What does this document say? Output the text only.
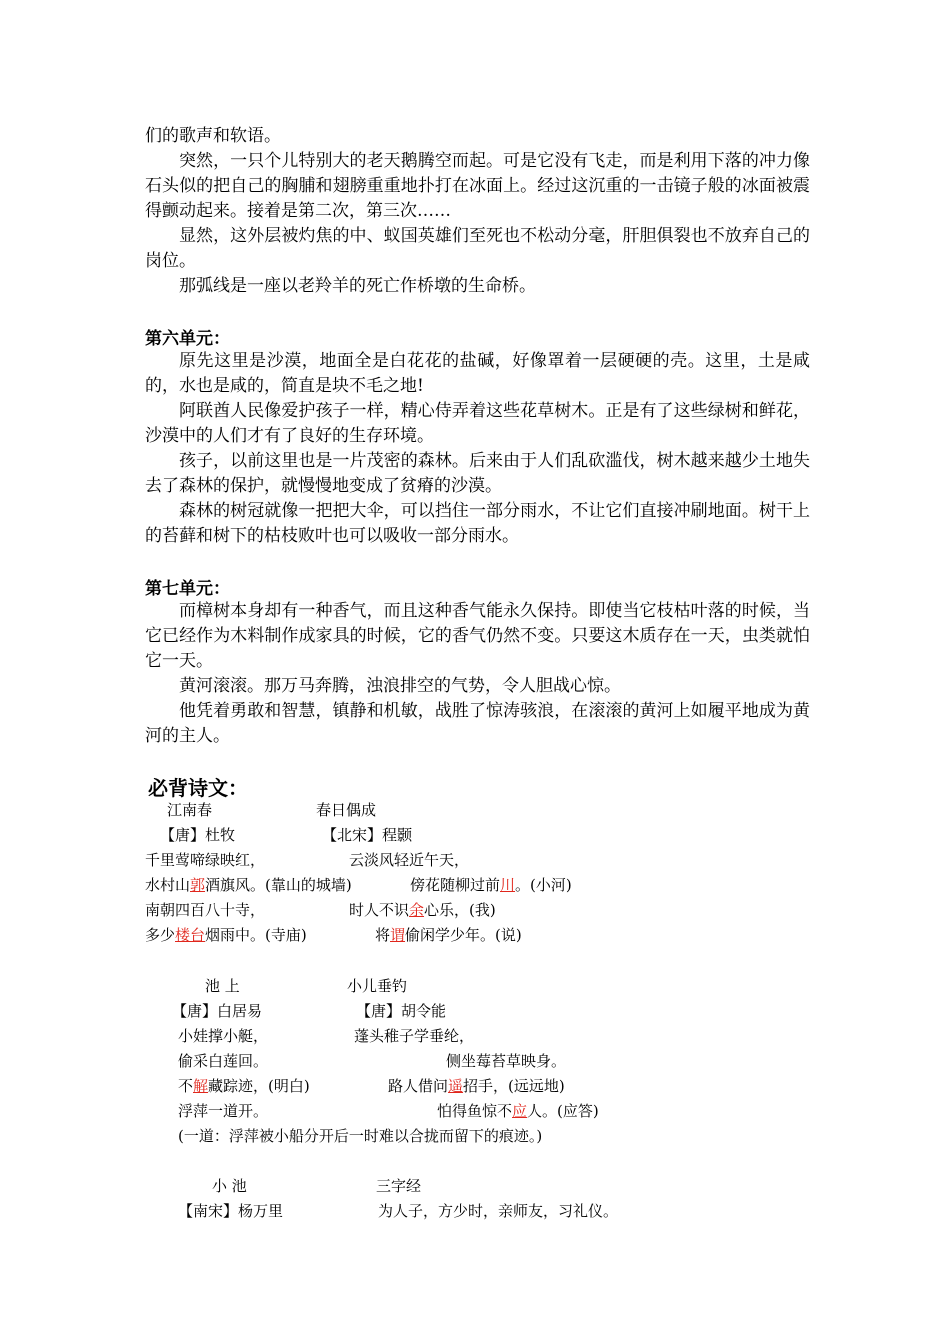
们的歌声和软语。

突然，一只个儿特别大的老天鹅腾空而起。可是它没有飞走，而是利用下落的冲力像石头似的把自己的胸脯和翅膀重重地扑打在冰面上。经过这沉重的一击镜子般的冰面被震得颤动起来。接着是第二次，第三次……

显然，这外层被灼焦的中、蚁国英雄们至死也不松动分毫，肝胆俱裂也不放弃自己的岗位。

那弧线是一座以老羚羊的死亡作桥墩的生命桥。

第六单元：

原先这里是沙漠，地面全是白花花的盐碱，好像罩着一层硬硬的壳。这里，土是咸的，水也是咸的，简直是块不毛之地!

阿联酋人民像爱护孩子一样，精心侍弄着这些花草树木。正是有了这些绿树和鲜花，沙漠中的人们才有了良好的生存环境。

孩子，以前这里也是一片茂密的森林。后来由于人们乱砍滥伐，树木越来越少土地失去了森林的保护，就慢慢地变成了贫瘠的沙漠。

森林的树冠就像一把把大伞，可以挡住一部分雨水，不让它们直接冲刷地面。树干上的苔藓和树下的枯枝败叶也可以吸收一部分雨水。

第七单元：

而樟树本身却有一种香气，而且这种香气能永久保持。即使当它枝枯叶落的时候，当它已经作为木料制作成家具的时候，它的香气仍然不变。只要这木质存在一天，虫类就怕它一天。

黄河滚滚。那万马奔腾，浊浪排空的气势，令人胆战心惊。

他凭着勇敢和智慧，镇静和机敏，战胜了惊涛骇浪，在滚滚的黄河上如履平地成为黄河的主人。

必背诗文：

江南春	春日偶成

【唐】杜牧	【北宋】程颢

千里莺啼绿映红，	云淡风轻近午天，

水村山郭酒旗风。(靠山的城墙)	傍花随柳过前川。(小河)

南朝四百八十寺，	时人不识余心乐，(我)

多少楼台烟雨中。(寺庙)	将谓偷闲学少年。(说)

池 上	小儿垂钓

【唐】白居易	【唐】胡令能

小娃撑小艇，	蓬头稚子学垂纶，

偷采白莲回。	侧坐莓苔草映身。

不解藏踪迹，(明白)	路人借问遥招手，(远远地)

浮萍一道开。	怕得鱼惊不应人。(应答)

(一道：浮萍被小船分开后一时难以合拢而留下的痕迹。)

小 池	三字经

【南宋】杨万里	为人子，方少时，亲师友，习礼仪。
